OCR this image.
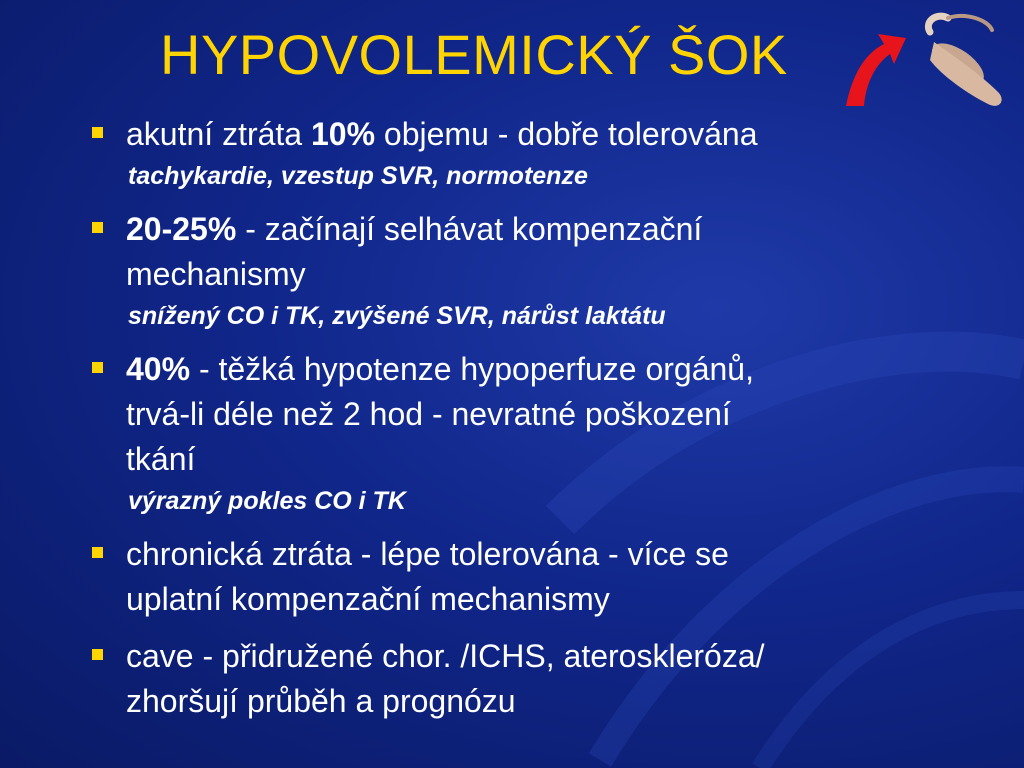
HYPOVOLEMICKÝ ŠOK
akutní ztráta 10% objemu - dobře tolerována
tachykardie, vzestup SVR, normotenze
20-25% - začínají selhávat kompenzační
mechanismy
snížený CO i TK, zvýšené SVR, nárůst laktátu
40% - těžká hypotenze hypoperfuze orgánů,
trvá-li déle než 2 hod - nevratné poškození
tkání
výrazný pokles CO i TK
chronická ztráta - lépe tolerována - více se
uplatní kompenzační mechanismy
cave - přidružené chor. /ICHS, ateroskleróza/
zhoršují průběh a prognózu
